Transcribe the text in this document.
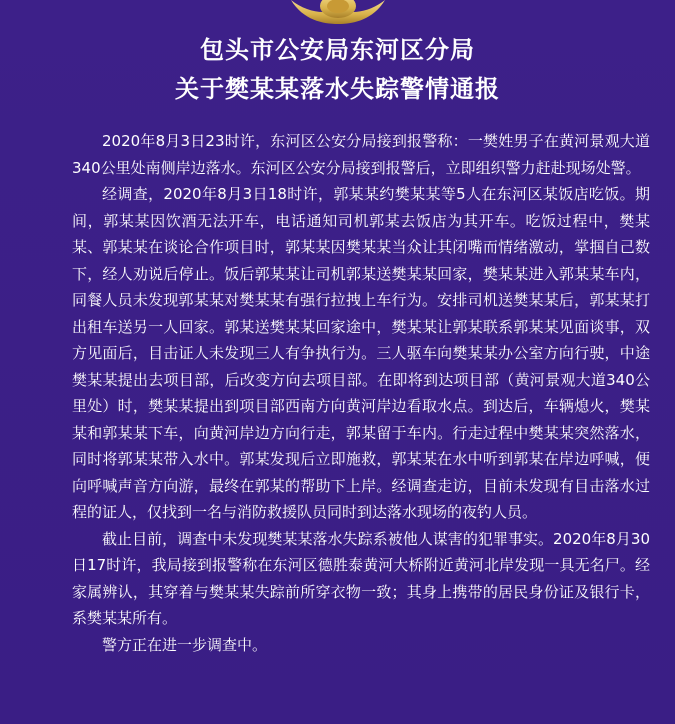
包头市公安局东河区分局
关于樊某某落水失踪警情通报

2020年8月3日23时许，东河区公安分局接到报警称：一樊姓男子在黄河景观大道340公里处南侧岸边落水。东河区公安分局接到报警后，立即组织警力赶赴现场处警。

经调查，2020年8月3日18时许，郭某某约樊某某等5人在东河区某饭店吃饭。期间，郭某某因饮酒无法开车，电话通知司机郭某去饭店为其开车。吃饭过程中，樊某某、郭某某在谈论合作项目时，郭某某因樊某某当众让其闭嘴而情绪激动，掌掴自己数下，经人劝说后停止。饭后郭某某让司机郭某送樊某某回家，樊某某进入郭某某车内，同餐人员未发现郭某某对樊某某有强行拉拽上车行为。安排司机送樊某某后，郭某某打出租车送另一人回家。郭某送樊某某回家途中，樊某某让郭某联系郭某某见面谈事，双方见面后，目击证人未发现三人有争执行为。三人驱车向樊某某办公室方向行驶，中途樊某某提出去项目部，后改变方向去项目部。在即将到达项目部（黄河景观大道340公里处）时，樊某某提出到项目部西南方向黄河岸边看取水点。到达后，车辆熄火，樊某某和郭某某下车，向黄河岸边方向行走，郭某留于车内。行走过程中樊某某突然落水，同时将郭某某带入水中。郭某发现后立即施救，郭某某在水中听到郭某在岸边呼喊，便向呼喊声音方向游，最终在郭某的帮助下上岸。经调查走访，目前未发现有目击落水过程的证人，仅找到一名与消防救援队员同时到达落水现场的夜钓人员。

截止目前，调查中未发现樊某某落水失踪系被他人谋害的犯罪事实。2020年8月30日17时许，我局接到报警称在东河区德胜泰黄河大桥附近黄河北岸发现一具无名尸。经家属辨认，其穿着与樊某某失踪前所穿衣物一致；其身上携带的居民身份证及银行卡，系樊某某所有。

警方正在进一步调查中。
